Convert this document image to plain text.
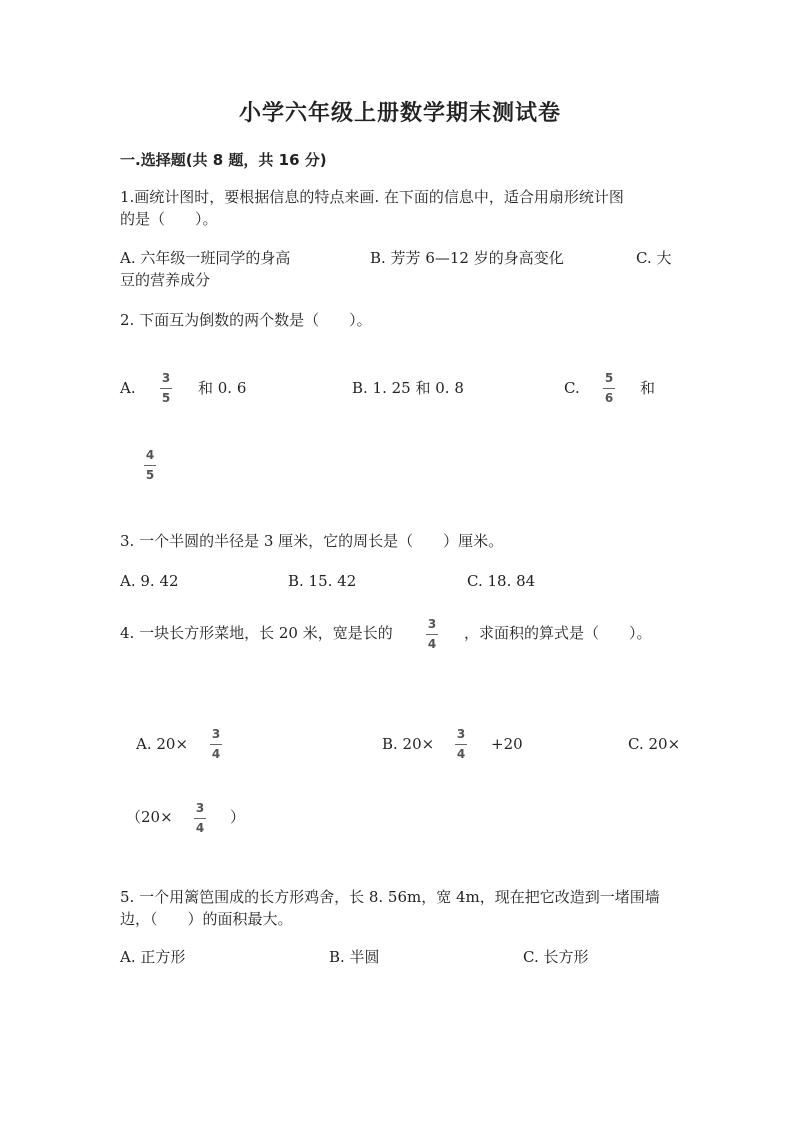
小学六年级上册数学期末测试卷
一.选择题(共 8 题，共 16 分)
1.画统计图时，要根据信息的特点来画. 在下面的信息中，适合用扇形统计图
的是（　　）。
A. 六年级一班同学的身高	B. 芳芳 6—12 岁的身高变化	C. 大
豆的营养成分
2. 下面互为倒数的两个数是（　　）。
A.
3
5
和 0. 6	B. 1. 25 和 0. 8	C.
5
6
和
4
5
3. 一个半圆的半径是 3 厘米，它的周长是（　　）厘米。
A. 9. 42	B. 15. 42	C. 18. 84
4. 一块长方形菜地，长 20 米，宽是长的	3
4
，求面积的算式是（　　）。
A. 20×
3
4
B. 20×
3
4
+20	C. 20×
（20× 3
4
）
5. 一个用篱笆围成的长方形鸡舍，长 8. 56m，宽 4m，现在把它改造到一堵围墙
边，（　　）的面积最大。
A. 正方形	B. 半圆	C. 长方形
